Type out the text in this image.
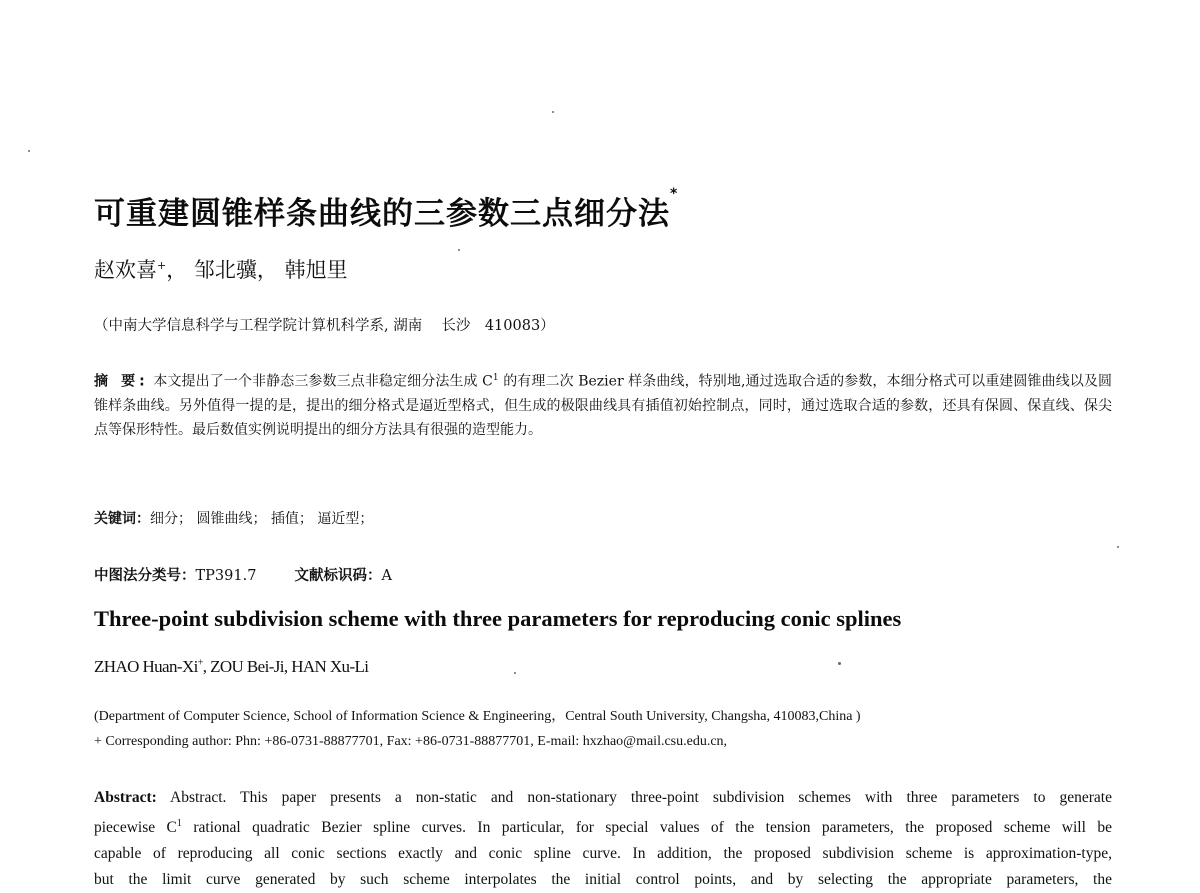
可重建圆锥样条曲线的三参数三点细分法*
赵欢喜+， 邹北骥， 韩旭里
（中南大学信息科学与工程学院计算机科学系, 湖南　 长沙　410083）
摘 要: 本文提出了一个非静态三参数三点非稳定细分法生成 $C^1$ 的有理二次 Bezier 样条曲线，特别地,通过选取合适的参数，本细分格式可以重建圆锥曲线以及圆锥样条曲线。另外值得一提的是，提出的细分格式是逼近型格式，但生成的极限曲线具有插值初始控制点，同时，通过选取合适的参数，还具有保圆、保直线、保尖点等保形特性。最后数值实例说明提出的细分方法具有很强的造型能力。
关键词：细分； 圆锥曲线； 插值； 逼近型；
中图法分类号：TP391.7	文献标识码：A
Three-point subdivision scheme with three parameters for reproducing conic splines
ZHAO Huan-Xi+, ZOU Bei-Ji, HAN Xu-Li
(Department of Computer Science, School of Information Science & Engineering，Central South University, Changsha, 410083,China )
+ Corresponding author: Phn: +86-0731-88877701, Fax: +86-0731-88877701, E-mail: hxzhao@mail.csu.edu.cn,
Abstract: Abstract. This paper presents a non-static and non-stationary three-point subdivision schemes with three parameters to generate
piecewise $C^1$ rational quadratic Bezier spline curves. In particular, for special values of the tension parameters, the proposed scheme will be
capable of reproducing all conic sections exactly and conic spline curve. In addition, the proposed subdivision scheme is approximation-type,
but the limit curve generated by such scheme interpolates the initial control points, and by selecting the appropriate parameters, the
